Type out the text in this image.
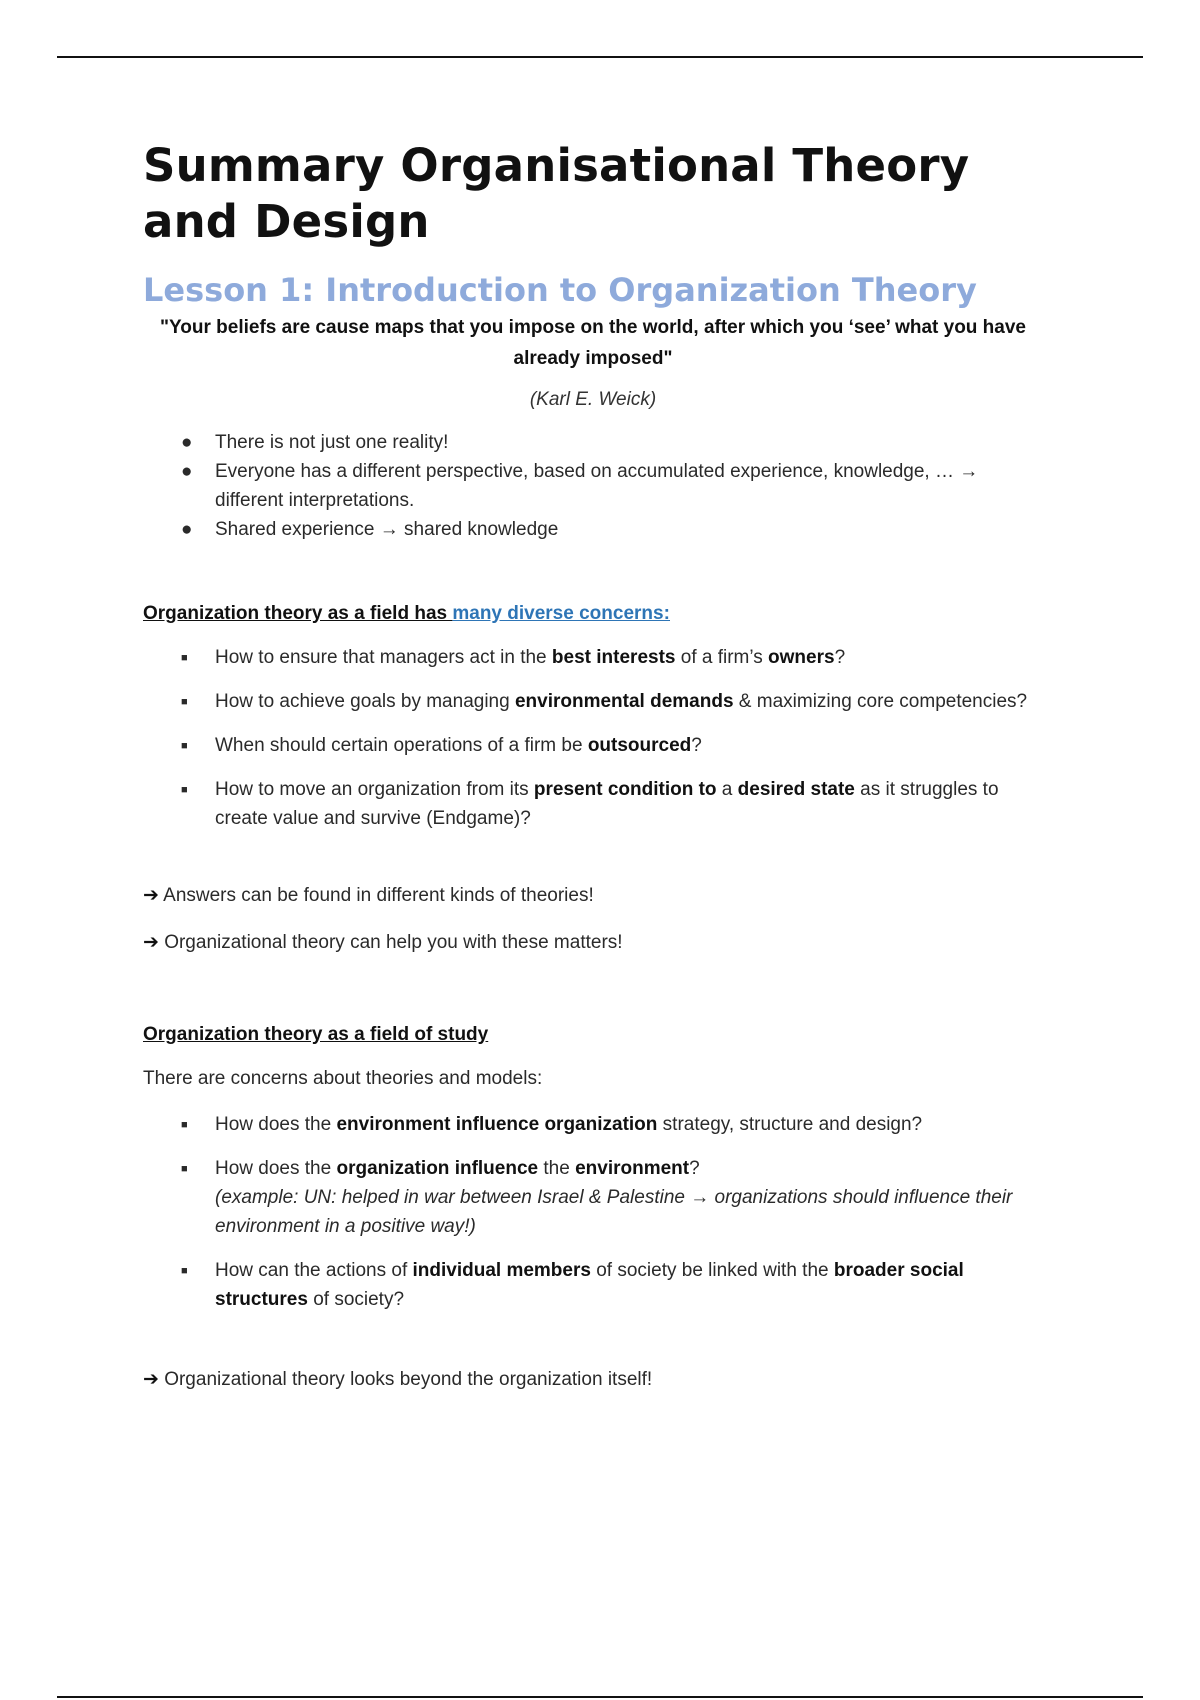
Summary Organisational Theory and Design
Lesson 1: Introduction to Organization Theory

"Your beliefs are cause maps that you impose on the world, after which you ‘see’ what you have already imposed"

(Karl E. Weick)

● There is not just one reality!
● Everyone has a different perspective, based on accumulated experience, knowledge, … → different interpretations.
● Shared experience → shared knowledge
Organization theory as a field has many diverse concerns:
■ How to ensure that managers act in the best interests of a firm’s owners?
■ How to achieve goals by managing environmental demands & maximizing core competencies?
■ When should certain operations of a firm be outsourced?
■ How to move an organization from its present condition to a desired state as it struggles to create value and survive (Endgame)?
➔ Answers can be found in different kinds of theories!
➔ Organizational theory can help you with these matters!
Organization theory as a field of study
There are concerns about theories and models:
■ How does the environment influence organization strategy, structure and design?
■ How does the organization influence the environment?
(example: UN: helped in war between Israel & Palestine → organizations should influence their environment in a positive way!)
■ How can the actions of individual members of society be linked with the broader social structures of society?
➔ Organizational theory looks beyond the organization itself!
